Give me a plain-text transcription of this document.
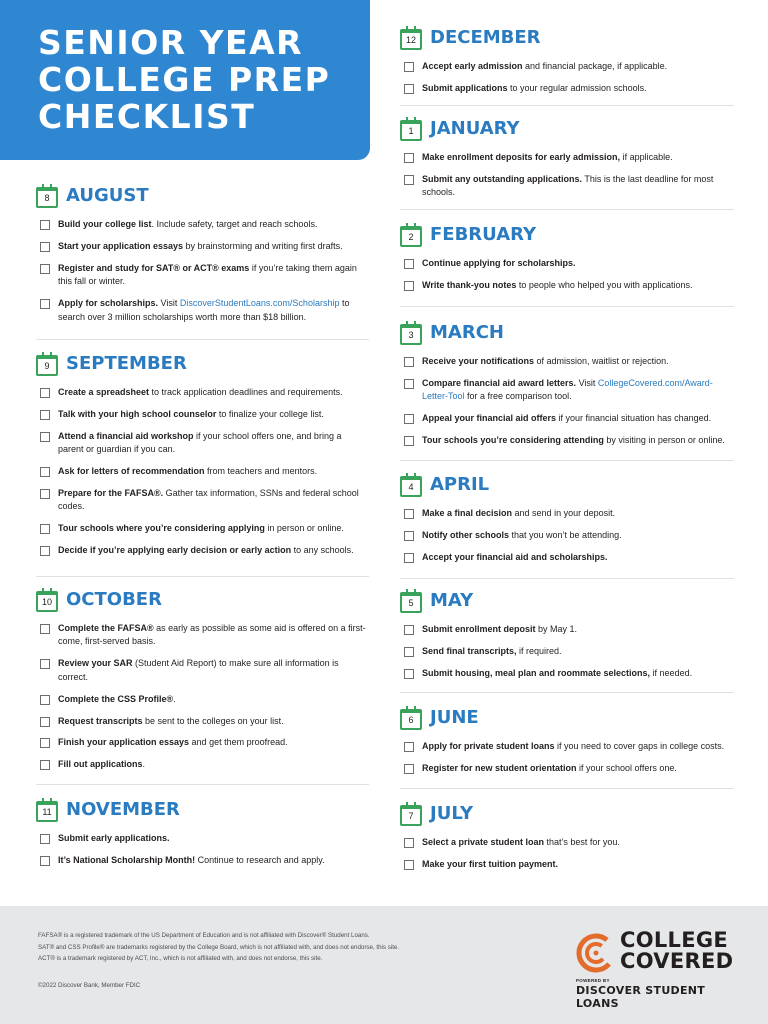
SENIOR YEAR
COLLEGE PREP
CHECKLIST
8 AUGUST
Build your college list. Include safety, target and reach schools.
Start your application essays by brainstorming and writing first drafts.
Register and study for SAT® or ACT® exams if you’re taking them again this fall or winter.
Apply for scholarships. Visit DiscoverStudentLoans.com/Scholarship to search over 3 million scholarships worth more than $18 billion.
9 SEPTEMBER
Create a spreadsheet to track application deadlines and requirements.
Talk with your high school counselor to finalize your college list.
Attend a financial aid workshop if your school offers one, and bring a parent or guardian if you can.
Ask for letters of recommendation from teachers and mentors.
Prepare for the FAFSA®. Gather tax information, SSNs and federal school codes.
Tour schools where you’re considering applying in person or online.
Decide if you’re applying early decision or early action to any schools.
10 OCTOBER
Complete the FAFSA® as early as possible as some aid is offered on a first-come, first-served basis.
Review your SAR (Student Aid Report) to make sure all information is correct.
Complete the CSS Profile®.
Request transcripts be sent to the colleges on your list.
Finish your application essays and get them proofread.
Fill out applications.
11 NOVEMBER
Submit early applications.
It’s National Scholarship Month! Continue to research and apply.
12 DECEMBER
Accept early admission and financial package, if applicable.
Submit applications to your regular admission schools.
1 JANUARY
Make enrollment deposits for early admission, if applicable.
Submit any outstanding applications. This is the last deadline for most schools.
2 FEBRUARY
Continue applying for scholarships.
Write thank-you notes to people who helped you with applications.
3 MARCH
Receive your notifications of admission, waitlist or rejection.
Compare financial aid award letters. Visit CollegeCovered.com/Award-Letter-Tool for a free comparison tool.
Appeal your financial aid offers if your financial situation has changed.
Tour schools you’re considering attending by visiting in person or online.
4 APRIL
Make a final decision and send in your deposit.
Notify other schools that you won’t be attending.
Accept your financial aid and scholarships.
5 MAY
Submit enrollment deposit by May 1.
Send final transcripts, if required.
Submit housing, meal plan and roommate selections, if needed.
6 JUNE
Apply for private student loans if you need to cover gaps in college costs.
Register for new student orientation if your school offers one.
7 JULY
Select a private student loan that’s best for you.
Make your first tuition payment.
FAFSA® is a registered trademark of the US Department of Education and is not affiliated with Discover® Student Loans.
SAT® and CSS Profile® are trademarks registered by the College Board, which is not affiliated with, and does not endorse, this site.
ACT® is a trademark registered by ACT, Inc., which is not affiliated with, and does not endorse, this site.
©2022 Discover Bank, Member FDIC
COLLEGE
COVERED
POWERED BY
DISCOVER STUDENT LOANS
